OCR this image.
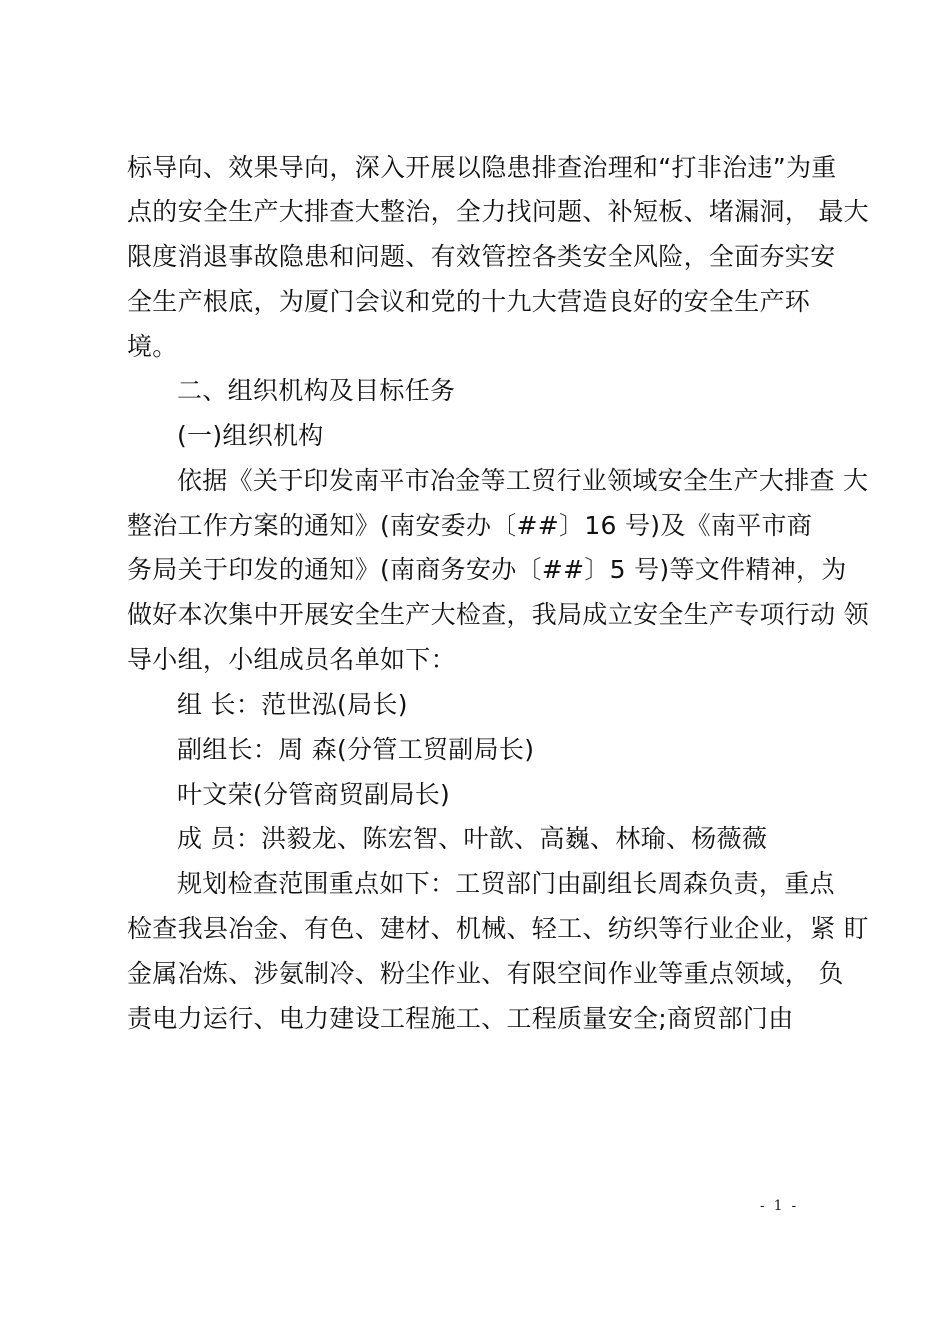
标导向、效果导向，深入开展以隐患排查治理和“打非治违”为重
点的安全生产大排查大整治，全力找问题、补短板、堵漏洞， 最大
限度消退事故隐患和问题、有效管控各类安全风险，全面夯实安
全生产根底，为厦门会议和党的十九大营造良好的安全生产环
境。
二、组织机构及目标任务
(一)组织机构
依据《关于印发南平市冶金等工贸行业领域安全生产大排查 大
整治工作方案的通知》(南安委办〔##〕16 号)及《南平市商
务局关于印发的通知》(南商务安办〔##〕5 号)等文件精神，为
做好本次集中开展安全生产大检查，我局成立安全生产专项行动 领
导小组，小组成员名单如下：
组 长：范世泓(局长)
副组长：周 森(分管工贸副局长)
叶文荣(分管商贸副局长)
成 员：洪毅龙、陈宏智、叶歆、高巍、林瑜、杨薇薇
规划检查范围重点如下：工贸部门由副组长周森负责，重点
检查我县冶金、有色、建材、机械、轻工、纺织等行业企业，紧 盯
金属冶炼、涉氨制冷、粉尘作业、有限空间作业等重点领域， 负
责电力运行、电力建设工程施工、工程质量安全;商贸部门由
-  1  -
